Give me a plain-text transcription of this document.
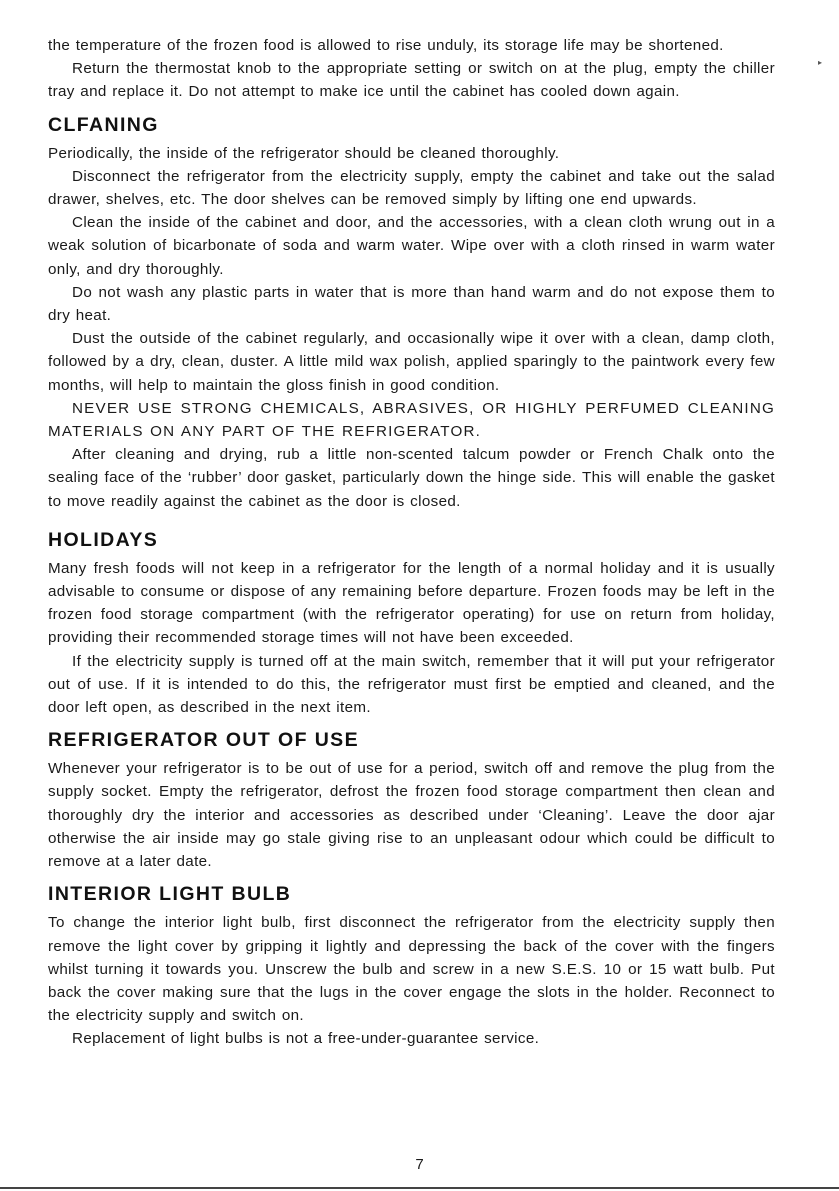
▸

the temperature of the frozen food is allowed to rise unduly, its storage life may be shortened.

Return the thermostat knob to the appropriate setting or switch on at the plug, empty the chiller tray and replace it. Do not attempt to make ice until the cabinet has cooled down again.

CLFANING

Periodically, the inside of the refrigerator should be cleaned thoroughly.

Disconnect the refrigerator from the electricity supply, empty the cabinet and take out the salad drawer, shelves, etc. The door shelves can be removed simply by lifting one end upwards.

Clean the inside of the cabinet and door, and the accessories, with a clean cloth wrung out in a weak solution of bicarbonate of soda and warm water. Wipe over with a cloth rinsed in warm water only, and dry thoroughly.

Do not wash any plastic parts in water that is more than hand warm and do not expose them to dry heat.

Dust the outside of the cabinet regularly, and occasionally wipe it over with a clean, damp cloth, followed by a dry, clean, duster. A little mild wax polish, applied sparingly to the paintwork every few months, will help to maintain the gloss finish in good condition.

NEVER USE STRONG CHEMICALS, ABRASIVES, OR HIGHLY PERFUMED CLEANING MATERIALS ON ANY PART OF THE REFRIGERATOR.

After cleaning and drying, rub a little non-scented talcum powder or French Chalk onto the sealing face of the ‘rubber’ door gasket, particularly down the hinge side. This will enable the gasket to move readily against the cabinet as the door is closed.

HOLIDAYS

Many fresh foods will not keep in a refrigerator for the length of a normal holiday and it is usually advisable to consume or dispose of any remaining before departure. Frozen foods may be left in the frozen food storage compartment (with the refrigerator operating) for use on return from holiday, providing their recommended storage times will not have been exceeded.

If the electricity supply is turned off at the main switch, remember that it will put your refrigerator out of use. If it is intended to do this, the refrigerator must first be emptied and cleaned, and the door left open, as described in the next item.

REFRIGERATOR OUT OF USE

Whenever your refrigerator is to be out of use for a period, switch off and remove the plug from the supply socket. Empty the refrigerator, defrost the frozen food storage compartment then clean and thoroughly dry the interior and accessories as described under ‘Cleaning’. Leave the door ajar otherwise the air inside may go stale giving rise to an unpleasant odour which could be difficult to remove at a later date.

INTERIOR LIGHT BULB

To change the interior light bulb, first disconnect the refrigerator from the electricity supply then remove the light cover by gripping it lightly and depressing the back of the cover with the fingers whilst turning it towards you. Unscrew the bulb and screw in a new S.E.S. 10 or 15 watt bulb. Put back the cover making sure that the lugs in the cover engage the slots in the holder. Reconnect to the electricity supply and switch on.

Replacement of light bulbs is not a free-under-guarantee service.

7
